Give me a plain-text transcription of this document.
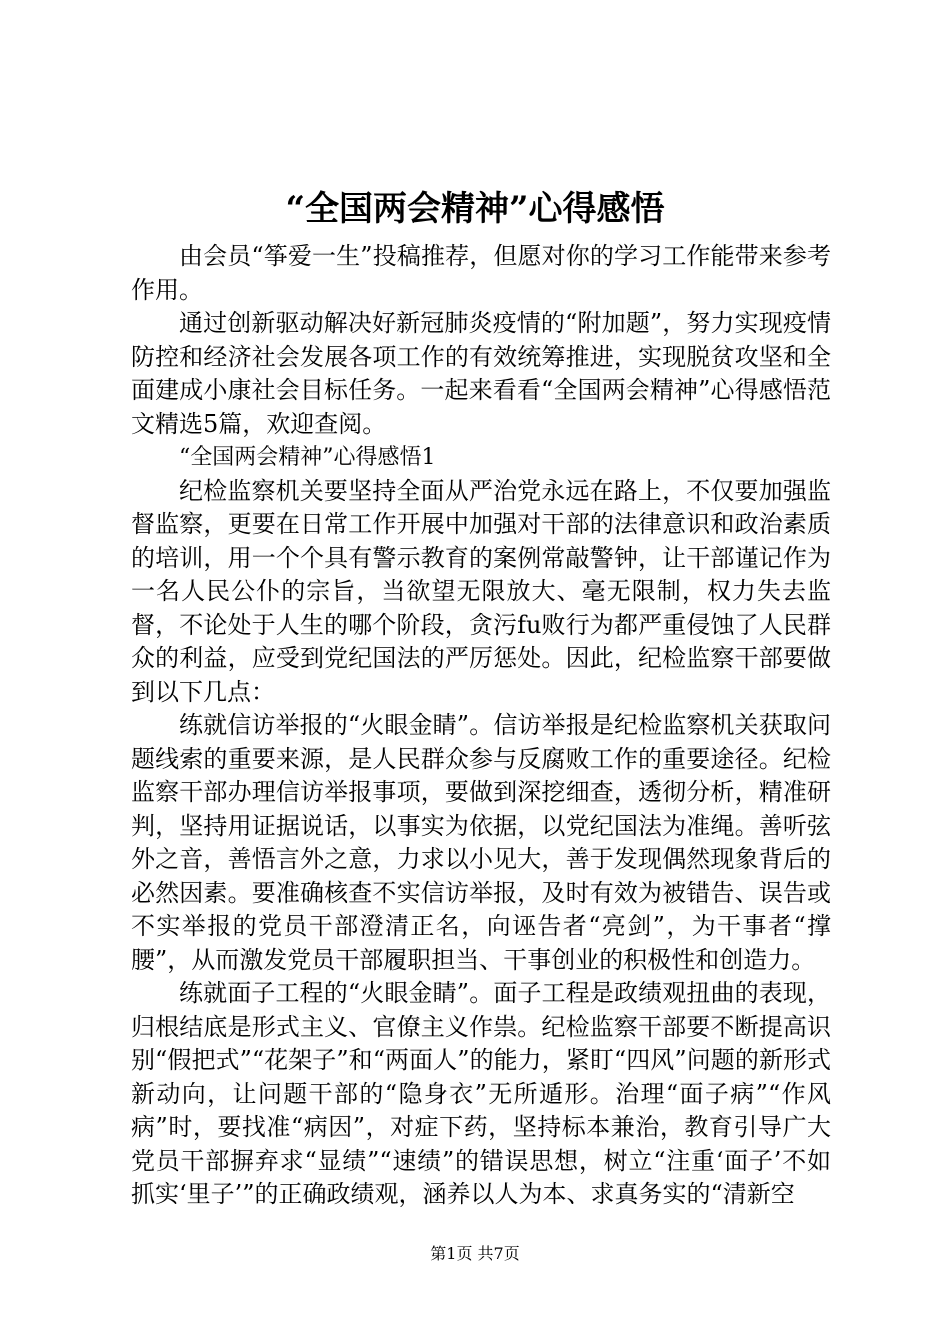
“全国两会精神”心得感悟

由会员“筝爱一生”投稿推荐，但愿对你的学习工作能带来参考作用。

通过创新驱动解决好新冠肺炎疫情的“附加题”，努力实现疫情防控和经济社会发展各项工作的有效统筹推进，实现脱贫攻坚和全面建成小康社会目标任务。一起来看看“全国两会精神”心得感悟范文精选5篇，欢迎查阅。

“全国两会精神”心得感悟1

纪检监察机关要坚持全面从严治党永远在路上，不仅要加强监督监察，更要在日常工作开展中加强对干部的法律意识和政治素质的培训，用一个个具有警示教育的案例常敲警钟，让干部谨记作为一名人民公仆的宗旨，当欲望无限放大、毫无限制，权力失去监督，不论处于人生的哪个阶段，贪污fu败行为都严重侵蚀了人民群众的利益，应受到党纪国法的严厉惩处。因此，纪检监察干部要做到以下几点：

练就信访举报的“火眼金睛”。信访举报是纪检监察机关获取问题线索的重要来源，是人民群众参与反腐败工作的重要途径。纪检监察干部办理信访举报事项，要做到深挖细查，透彻分析，精准研判，坚持用证据说话，以事实为依据，以党纪国法为准绳。善听弦外之音，善悟言外之意，力求以小见大，善于发现偶然现象背后的必然因素。要准确核查不实信访举报，及时有效为被错告、误告或不实举报的党员干部澄清正名，向诬告者“亮剑”，为干事者“撑腰”，从而激发党员干部履职担当、干事创业的积极性和创造力。

练就面子工程的“火眼金睛”。面子工程是政绩观扭曲的表现，归根结底是形式主义、官僚主义作祟。纪检监察干部要不断提高识别“假把式”“花架子”和“两面人”的能力，紧盯“四风”问题的新形式新动向，让问题干部的“隐身衣”无所遁形。治理“面子病”“作风病”时，要找准“病因”，对症下药，坚持标本兼治，教育引导广大党员干部摒弃求“显绩”“速绩”的错误思想，树立“注重‘面子’不如抓实‘里子’”的正确政绩观，涵养以人为本、求真务实的“清新空

第1页 共7页
